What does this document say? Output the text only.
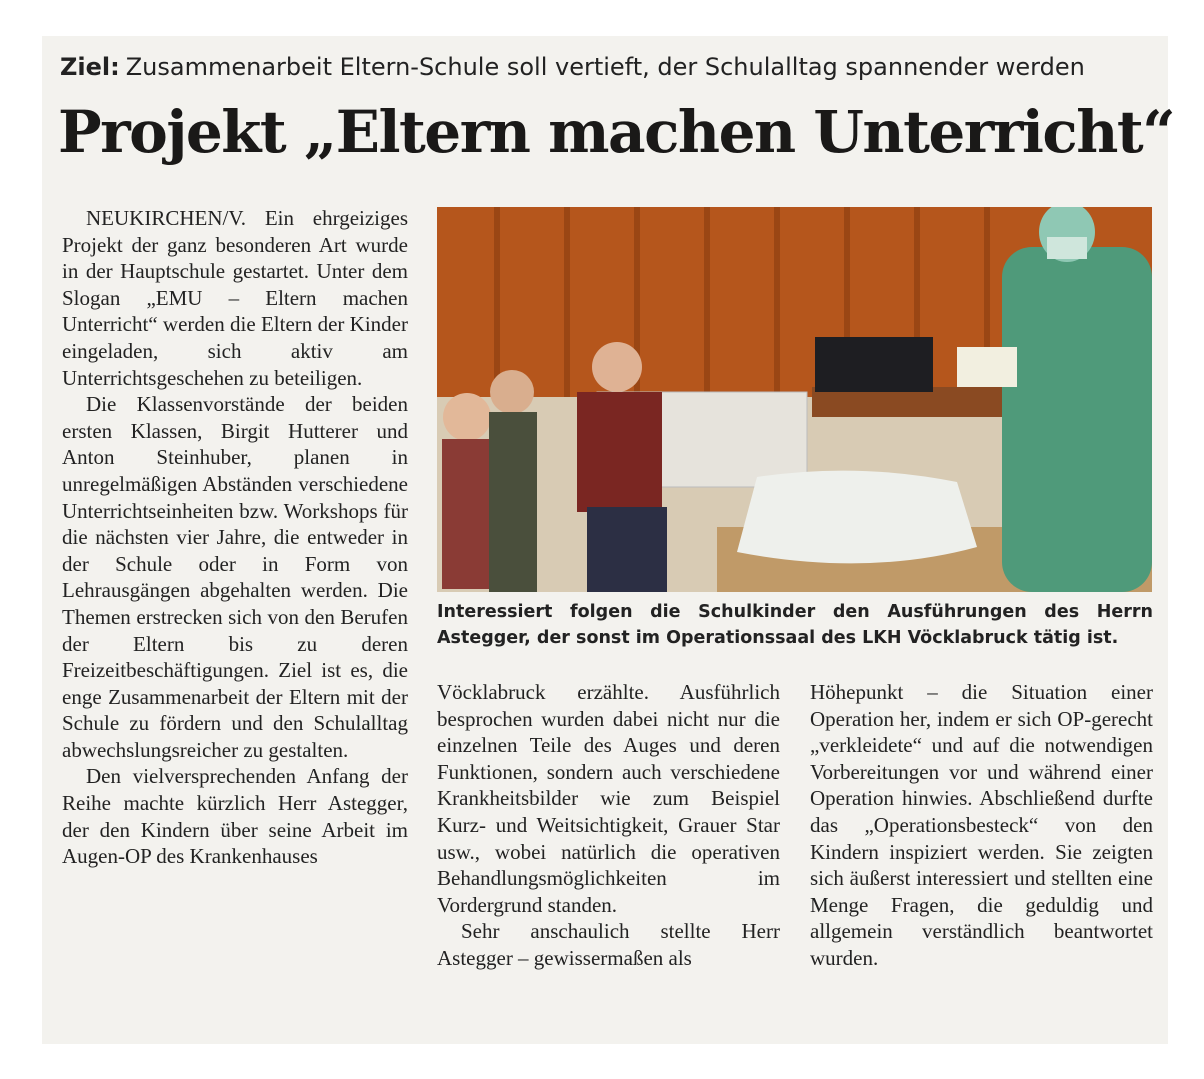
Ziel: Zusammenarbeit Eltern-Schule soll vertieft, der Schulalltag spannender werden
Projekt „Eltern machen Unterricht“

NEUKIRCHEN/V. Ein ehrgeiziges Projekt der ganz besonderen Art wurde in der Hauptschule gestartet. Unter dem Slogan „EMU – Eltern machen Unterricht“ werden die Eltern der Kinder eingeladen, sich aktiv am Unterrichtsgeschehen zu beteiligen.

Die Klassenvorstände der beiden ersten Klassen, Birgit Hutterer und Anton Steinhuber, planen in unregelmäßigen Abständen verschiedene Unterrichtseinheiten bzw. Workshops für die nächsten vier Jahre, die entweder in der Schule oder in Form von Lehrausgängen abgehalten werden. Die Themen erstrecken sich von den Berufen der Eltern bis zu deren Freizeitbeschäftigungen. Ziel ist es, die enge Zusammenarbeit der Eltern mit der Schule zu fördern und den Schulalltag abwechslungsreicher zu gestalten.

Den vielversprechenden Anfang der Reihe machte kürzlich Herr Astegger, der den Kindern über seine Arbeit im Augen-OP des Krankenhauses

Interessiert folgen die Schulkinder den Ausführungen des Herrn Astegger, der sonst im Operationssaal des LKH Vöcklabruck tätig ist.

Vöcklabruck erzählte. Ausführlich besprochen wurden dabei nicht nur die einzelnen Teile des Auges und deren Funktionen, sondern auch verschiedene Krankheitsbilder wie zum Beispiel Kurz- und Weitsichtigkeit, Grauer Star usw., wobei natürlich die operativen Behandlungsmöglichkeiten im Vordergrund standen.

Sehr anschaulich stellte Herr Astegger – gewissermaßen als

Höhepunkt – die Situation einer Operation her, indem er sich OP-gerecht „verkleidete“ und auf die notwendigen Vorbereitungen vor und während einer Operation hinwies. Abschließend durfte das „Operationsbesteck“ von den Kindern inspiziert werden. Sie zeigten sich äußerst interessiert und stellten eine Menge Fragen, die geduldig und allgemein verständlich beantwortet wurden.
